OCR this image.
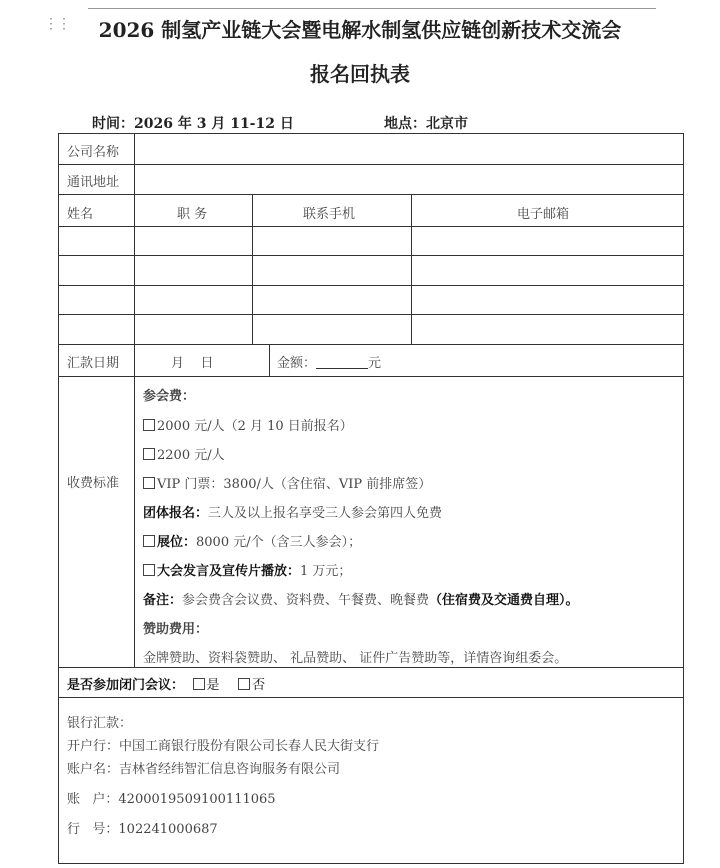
⋮⋮	2026 制氢产业链大会暨电解水制氢供应链创新技术交流会
报名回执表
时间：2026 年 3 月 11-12 日	地点：北京市
公司名称
通讯地址
姓名	职 务	联系手机	电子邮箱
汇款日期	月    日	金额：	元
收费标准
参会费：
2000 元/人（2 月 10 日前报名）
2200 元/人
VIP 门票：3800/人（含住宿、VIP 前排席签）
团体报名：三人及以上报名享受三人参会第四人免费
展位：8000 元/个（含三人参会）；
大会发言及宣传片播放：1 万元；
备注：参会费含会议费、资料费、午餐费、晚餐费（住宿费及交通费自理）。
赞助费用：
金牌赞助、资料袋赞助、 礼品赞助、 证件广告赞助等，详情咨询组委会。
是否参加闭门会议： 是	否
银行汇款：
开户行：中国工商银行股份有限公司长春人民大街支行
账户名：吉林省经纬智汇信息咨询服务有限公司
账   户：42000195091001110​65
行   号：102241000687
